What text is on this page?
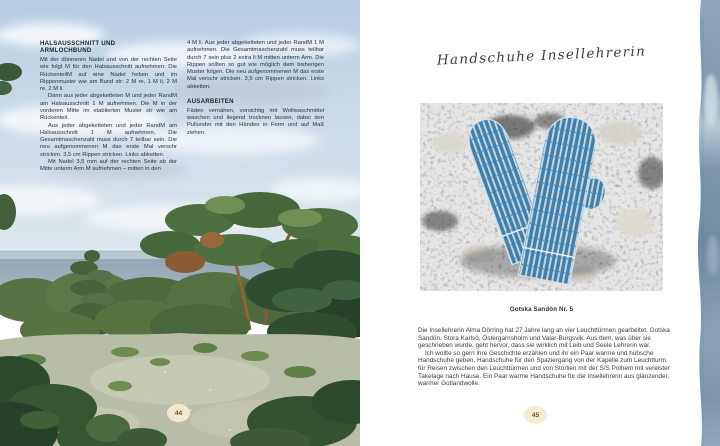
HALSAUSSCHNITT UND ARMLOCHBUND

Mit der dünneren Nadel und von der rechten Seite wie folgt M für den Halsausschnitt aufnehmen: Die RückenteilM auf eine Nadel heben und im Rippenmuster wie am Bund str: 2 M re, 1 M li, 2 M re, 2 M li.

Dann aus jeder abgeketteten M und jeder RandM am Halsausschnitt 1 M aufnehmen. Die M in der vorderen Mitte im etablierten Muster str wie am Rückenteil.

Aus jeder abgeketteten und jeder RandM am Halsausschnitt 1 M aufnehmen. Die Gesamtmaschenzahl muss durch 7 teilbar sein. Die neu aufgenommenen M das erste Mal verschr stricken. 3,5 cm Rippen stricken. Links abketten.

Mit Nadel 3,5 mm auf der rechten Seite ab der Mitte unterm Arm M aufnehmen – mitten in den

4 M li. Aus jeder abgeketteten und jeder RandM 1 M aufnehmen. Die Gesamtmaschenzahl muss teilbar durch 7 sein plus 2 extra li M mitten unterm Arm. Die Rippen sollten so gut wie möglich dem bisherigen Muster folgen. Die neu aufgenommenen M das erste Mal verschr stricken. 3,5 cm Rippen stricken. Links abketten.

AUSARBEITEN

Fäden vernähen, vorsichtig mit Wollwaschmittel waschen und liegend trocknen lassen, dabei den Pullunder mit den Händen in Form und auf Maß ziehen.

44
Handschuhe Insellehrerin
Gotska Sandön Nr. 5

Die Insellehrerin Alma Dörring hat 27 Jahre lang an vier Leuchttürmen gearbeitet. Gotska Sandön, Stora Karlsö, Östergarnsholm und Valar-Burgsvik. Aus dem, was über sie geschrieben wurde, geht hervor, dass sie wirklich mit Leib und Seele Lehrerin war.

Ich wollte so gern ihre Geschichte erzählen und ihr ein Paar warme und hübsche Handschuhe geben. Handschuhe für den Spaziergang von der Kapelle zum Leuchtturm, für Reisen zwischen den Leuchttürmen und von Storlien mit der S/S Polhem mit vereister Takelage nach Hause. Ein Paar warme Handschuhe für die Insellehrerin aus glänzender, warmer Gotlandwolle.

45
